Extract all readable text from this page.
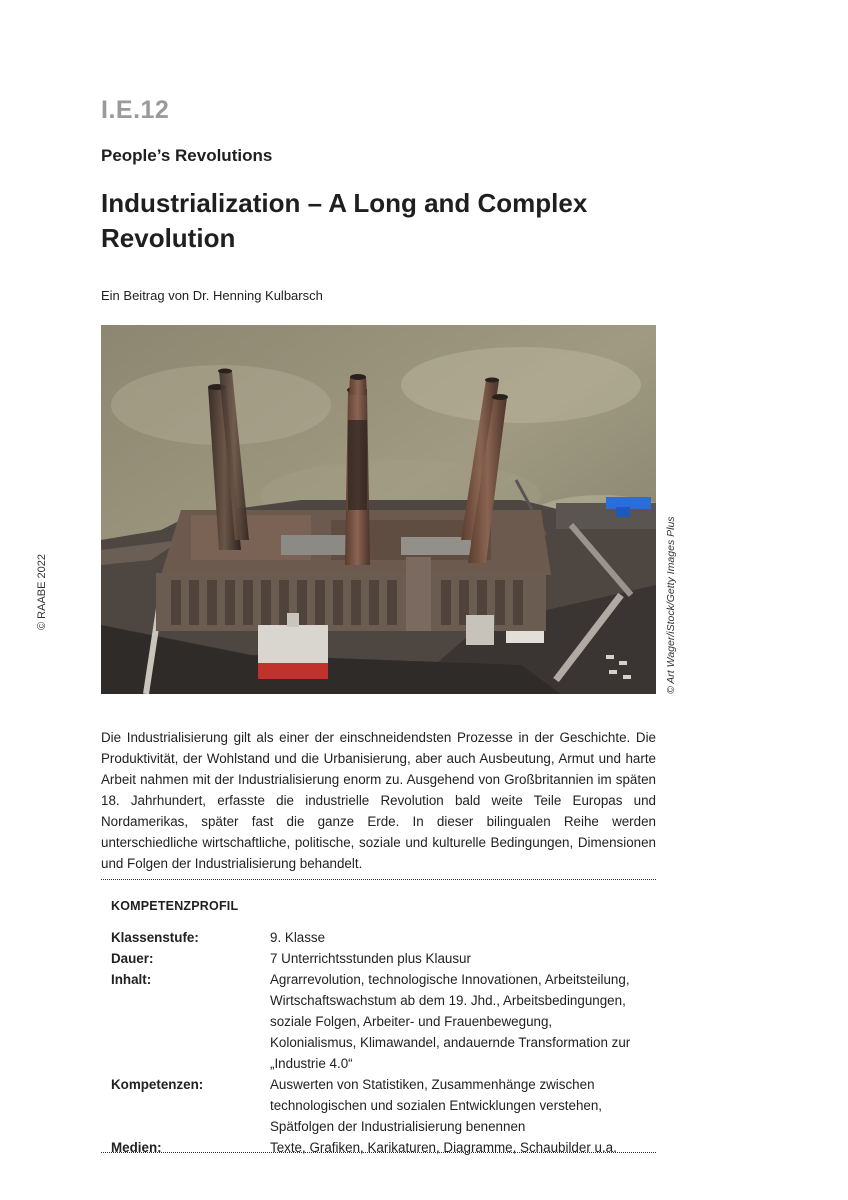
I.E.12
People’s Revolutions
Industrialization – A Long and Complex Revolution
Ein Beitrag von Dr. Henning Kulbarsch
© RAABE 2022	© Art Wager/iStock/Getty Images Plus

Die Industrialisierung gilt als einer der einschneidendsten Prozesse in der Geschichte. Die Produktivität, der Wohlstand und die Urbanisierung, aber auch Ausbeutung, Armut und harte Arbeit nahmen mit der Industrialisierung enorm zu. Ausgehend von Großbritannien im späten 18. Jahrhundert, erfasste die industrielle Revolution bald weite Teile Europas und Nordamerikas, später fast die ganze Erde. In dieser bilingualen Reihe werden unterschiedliche wirtschaftliche, politische, soziale und kulturelle Bedingungen, Dimensionen und Folgen der Industrialisierung behandelt.

KOMPETENZPROFIL
Klassenstufe:	9. Klasse
Dauer:	7 Unterrichtsstunden plus Klausur
Inhalt:	Agrarrevolution, technologische Innovationen, Arbeitsteilung, Wirtschaftswachstum ab dem 19. Jhd., Arbeitsbedingungen, soziale Folgen, Arbeiter- und Frauenbewegung, Kolonialismus, Klimawandel, andauernde Transformation zur „Industrie 4.0“
Kompetenzen:	Auswerten von Statistiken, Zusammenhänge zwischen technologischen und sozialen Entwicklungen verstehen, Spätfolgen der Industrialisierung benennen
Medien:	Texte, Grafiken, Karikaturen, Diagramme, Schaubilder u.a.
